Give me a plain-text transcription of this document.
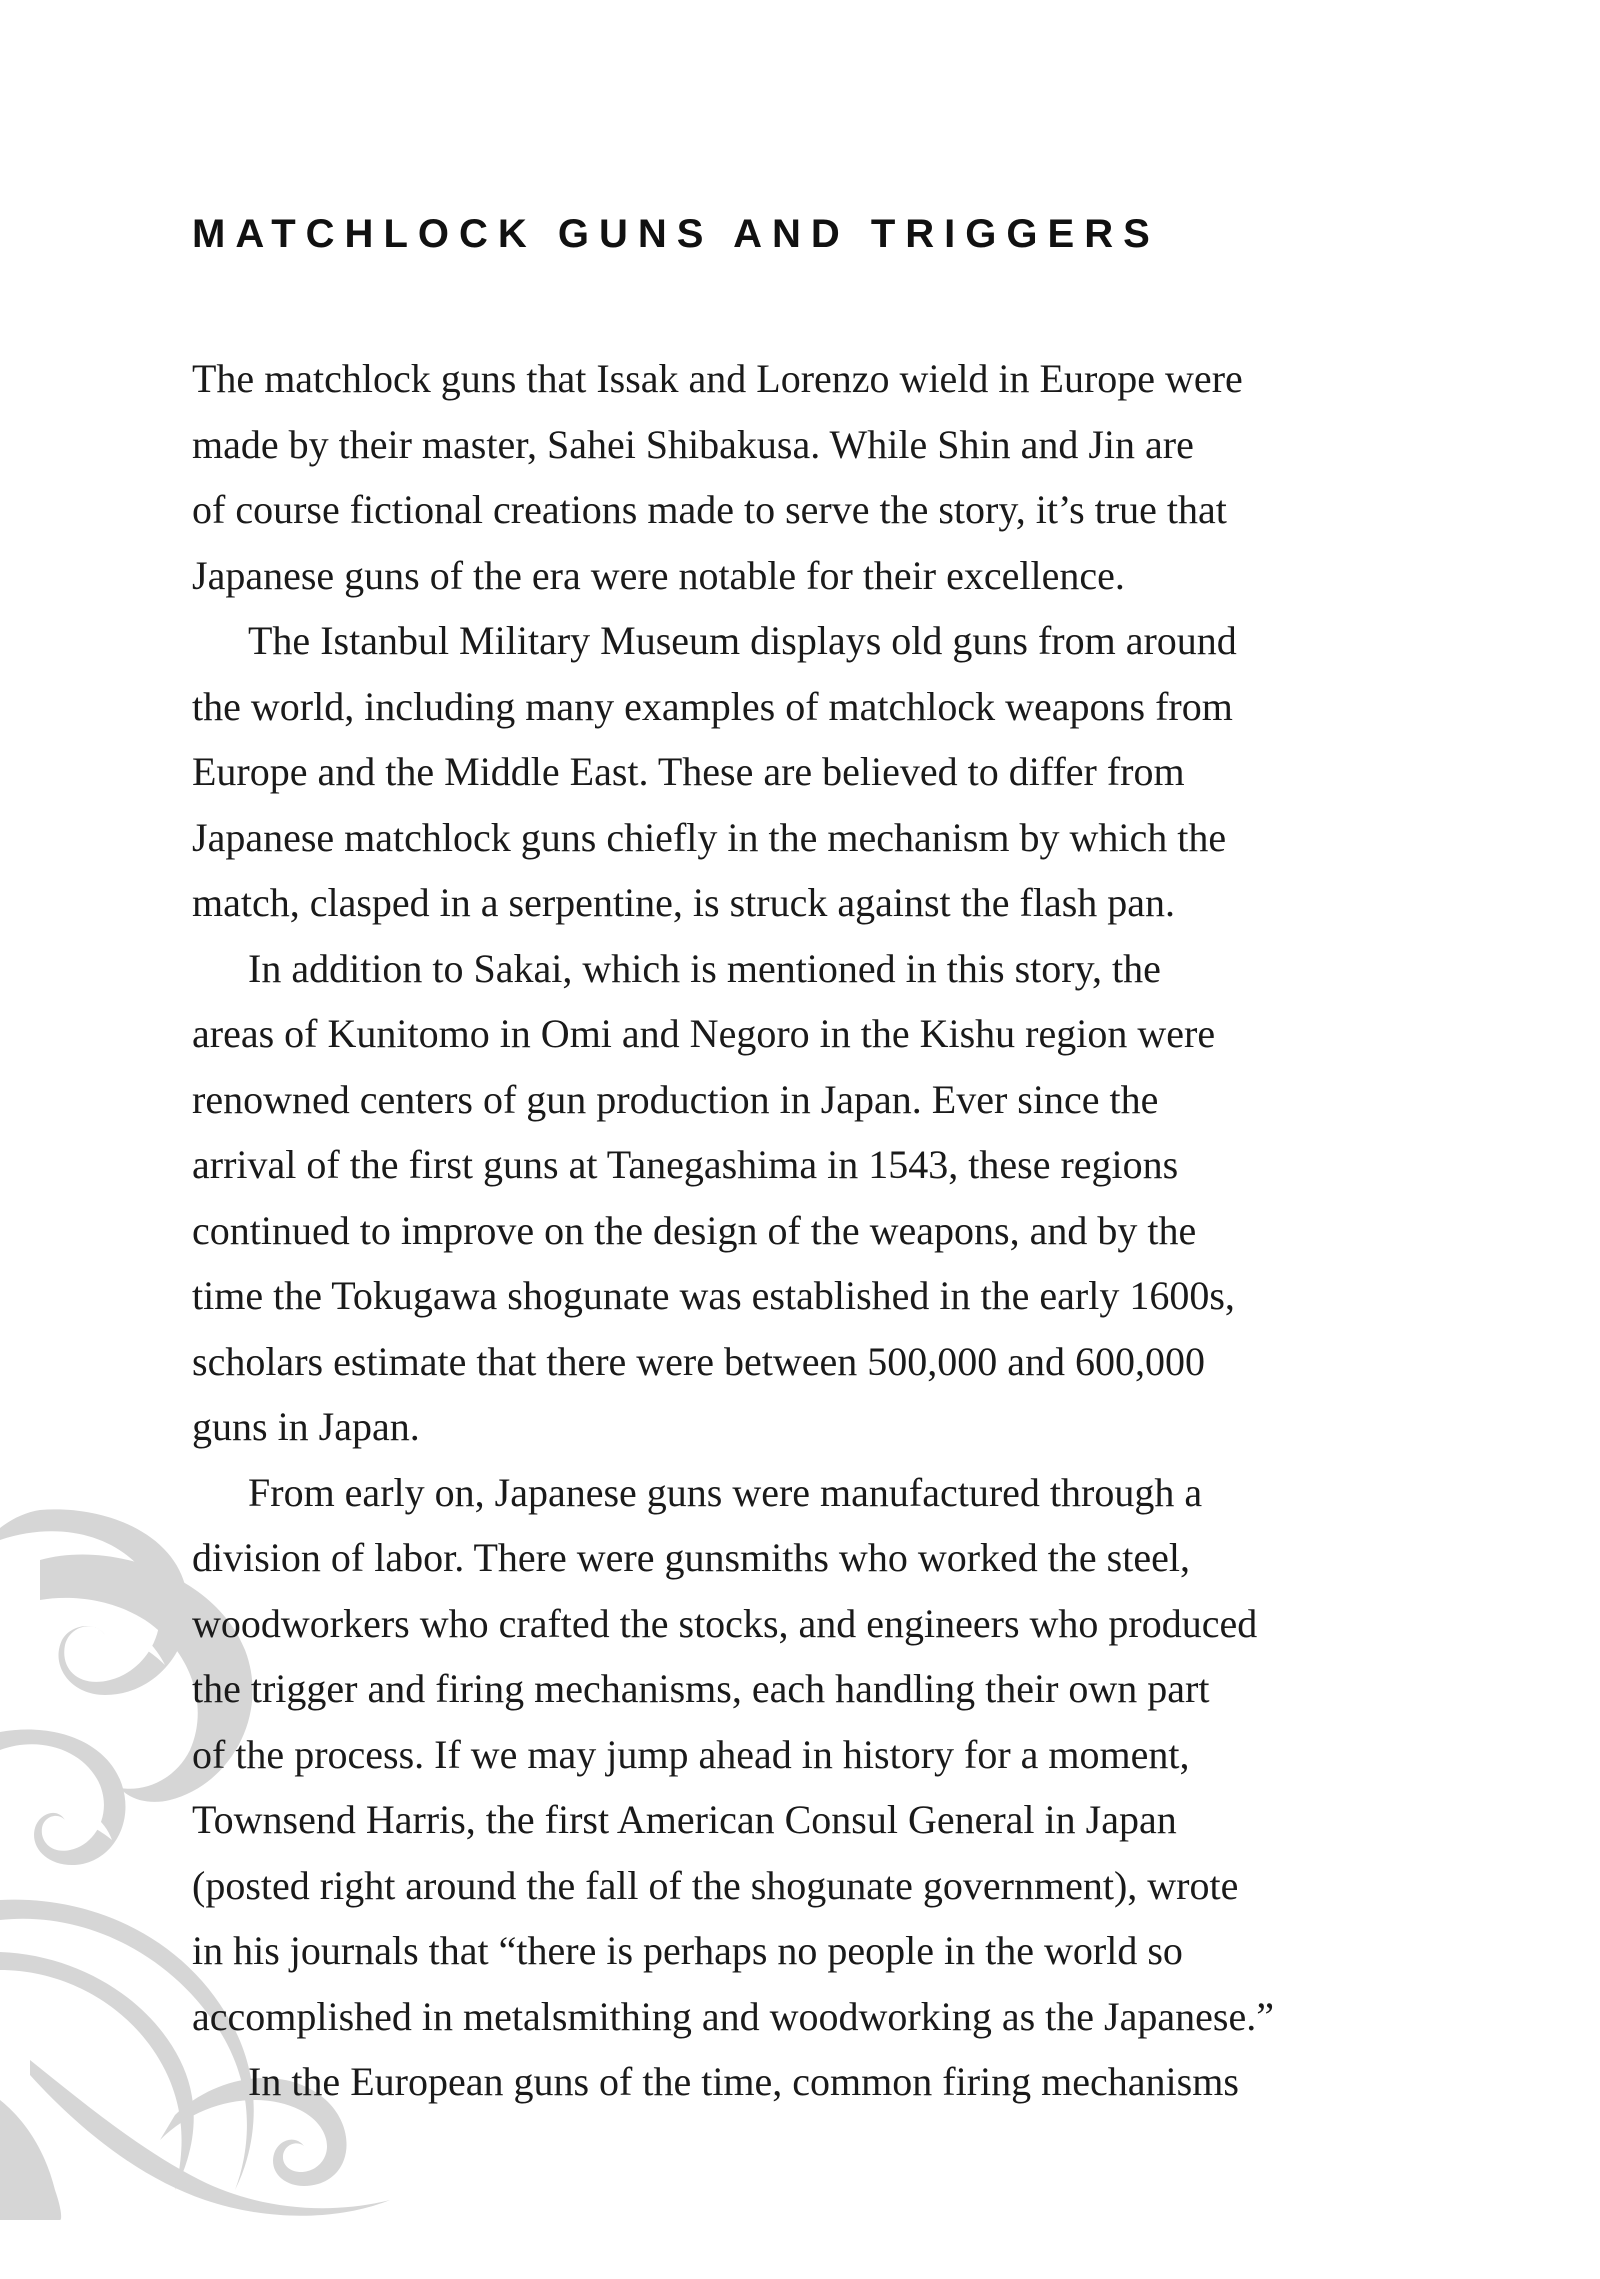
MATCHLOCK GUNS AND TRIGGERS
The matchlock guns that Issak and Lorenzo wield in Europe were
made by their master, Sahei Shibakusa. While Shin and Jin are
of course fictional creations made to serve the story, it’s true that
Japanese guns of the era were notable for their excellence.
The Istanbul Military Museum displays old guns from around
the world, including many examples of matchlock weapons from
Europe and the Middle East. These are believed to differ from
Japanese matchlock guns chiefly in the mechanism by which the
match, clasped in a serpentine, is struck against the flash pan.
In addition to Sakai, which is mentioned in this story, the
areas of Kunitomo in Omi and Negoro in the Kishu region were
renowned centers of gun production in Japan. Ever since the
arrival of the first guns at Tanegashima in 1543, these regions
continued to improve on the design of the weapons, and by the
time the Tokugawa shogunate was established in the early 1600s,
scholars estimate that there were between 500,000 and 600,000
guns in Japan.
From early on, Japanese guns were manufactured through a
division of labor. There were gunsmiths who worked the steel,
woodworkers who crafted the stocks, and engineers who produced
the trigger and firing mechanisms, each handling their own part
of the process. If we may jump ahead in history for a moment,
Townsend Harris, the first American Consul General in Japan
(posted right around the fall of the shogunate government), wrote
in his journals that “there is perhaps no people in the world so
accomplished in metalsmithing and woodworking as the Japanese.”
In the European guns of the time, common firing mechanisms
